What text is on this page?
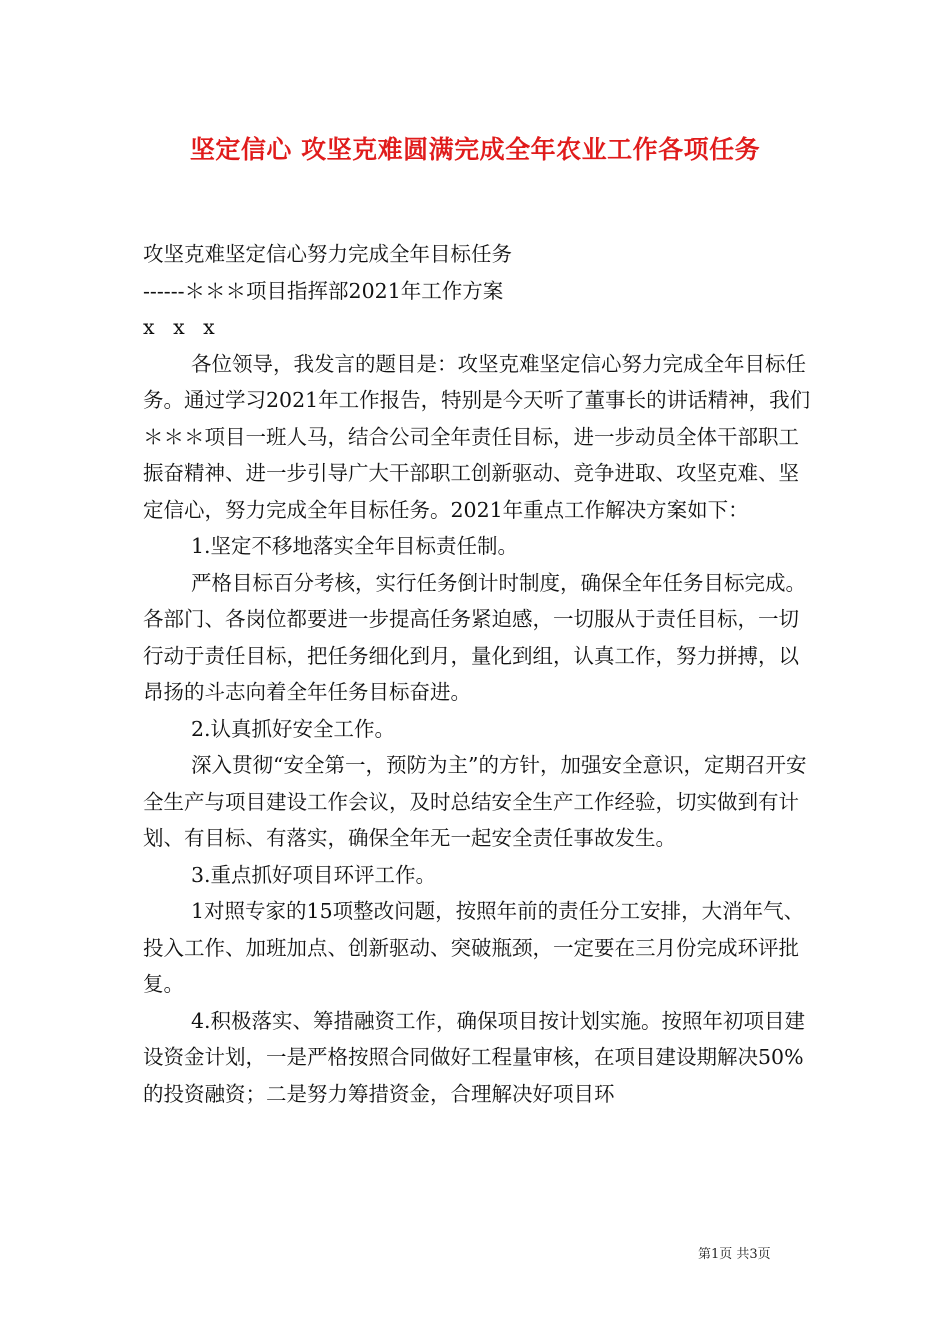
坚定信心 攻坚克难圆满完成全年农业工作各项任务

攻坚克难坚定信心努力完成全年目标任务

------＊＊＊项目指挥部2021年工作方案

x x x

各位领导，我发言的题目是：攻坚克难坚定信心努力完成全年目标任务。通过学习2021年工作报告，特别是今天听了董事长的讲话精神，我们＊＊＊项目一班人马，结合公司全年责任目标，进一步动员全体干部职工振奋精神、进一步引导广大干部职工创新驱动、竞争进取、攻坚克难、坚定信心，努力完成全年目标任务。2021年重点工作解决方案如下：

1.坚定不移地落实全年目标责任制。

严格目标百分考核，实行任务倒计时制度，确保全年任务目标完成。各部门、各岗位都要进一步提高任务紧迫感，一切服从于责任目标，一切行动于责任目标，把任务细化到月，量化到组，认真工作，努力拼搏，以昂扬的斗志向着全年任务目标奋进。

2.认真抓好安全工作。

深入贯彻“安全第一，预防为主”的方针，加强安全意识，定期召开安全生产与项目建设工作会议，及时总结安全生产工作经验，切实做到有计划、有目标、有落实，确保全年无一起安全责任事故发生。

3.重点抓好项目环评工作。

1对照专家的15项整改问题，按照年前的责任分工安排，大消年气、投入工作、加班加点、创新驱动、突破瓶颈，一定要在三月份完成环评批复。

4.积极落实、筹措融资工作，确保项目按计划实施。按照年初项目建设资金计划，一是严格按照合同做好工程量审核，在项目建设期解决50%的投资融资；二是努力筹措资金，合理解决好项目环

第1页 共3页
